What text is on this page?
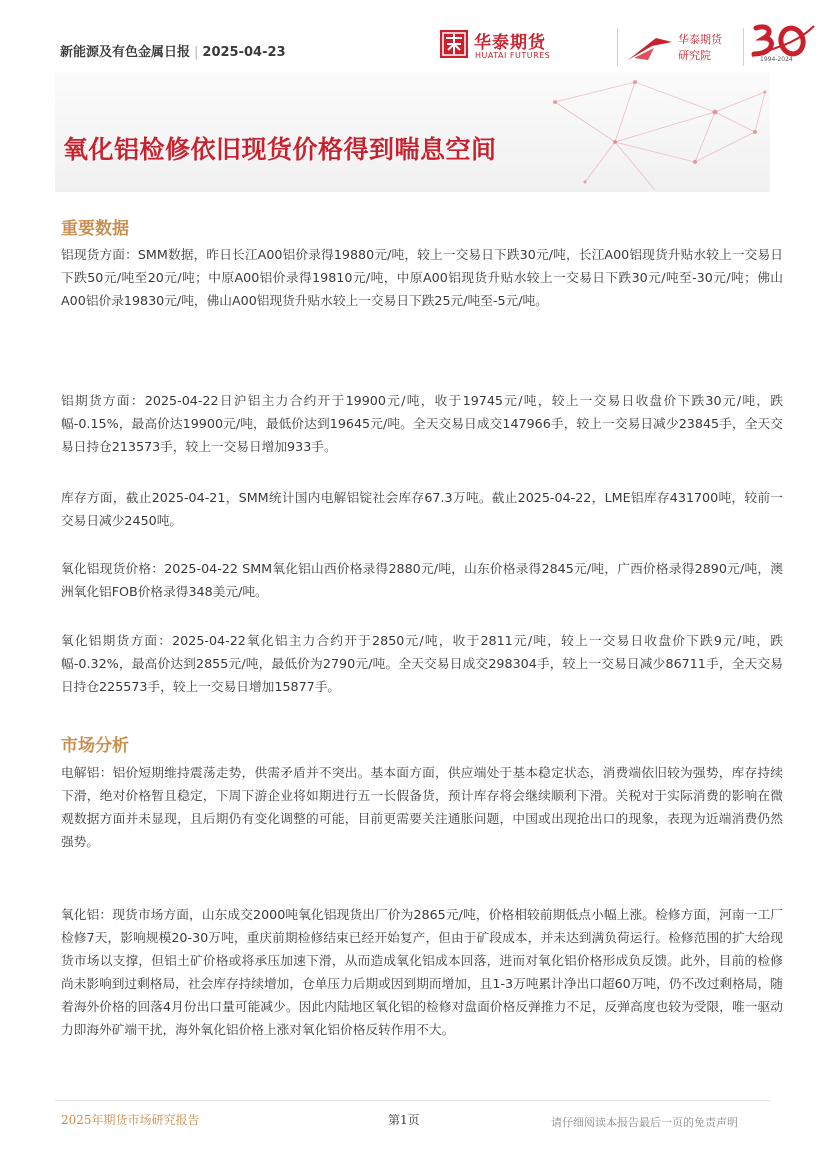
新能源及有色金属日报 | 2025-04-23	华泰期货
HUATAI FUTURES
华泰期货
研究院	1994-2024
氧化铝检修依旧现货价格得到喘息空间
重要数据

铝现货方面：SMM数据，昨日长江A00铝价录得19880元/吨，较上一交易日下跌30元/吨，长江A00铝现货升贴水较上一交易日下跌50元/吨至20元/吨；中原A00铝价录得19810元/吨，中原A00铝现货升贴水较上一交易日下跌30元/吨至-30元/吨；佛山A00铝价录19830元/吨，佛山A00铝现货升贴水较上一交易日下跌25元/吨至-5元/吨。

铝期货方面：2025-04-22日沪铝主力合约开于19900元/吨，收于19745元/吨，较上一交易日收盘价下跌30元/吨，跌幅-0.15%，最高价达19900元/吨，最低价达到19645元/吨。全天交易日成交147966手，较上一交易日减少23845手，全天交易日持仓213573手，较上一交易日增加933手。

库存方面，截止2025-04-21，SMM统计国内电解铝锭社会库存67.3万吨。截止2025-04-22，LME铝库存431700吨，较前一交易日减少2450吨。

氧化铝现货价格：2025-04-22 SMM氧化铝山西价格录得2880元/吨，山东价格录得2845元/吨，广西价格录得2890元/吨，澳洲氧化铝FOB价格录得348美元/吨。

氧化铝期货方面：2025-04-22氧化铝主力合约开于2850元/吨，收于2811元/吨，较上一交易日收盘价下跌9元/吨，跌幅-0.32%，最高价达到2855元/吨，最低价为2790元/吨。全天交易日成交298304手，较上一交易日减少86711手，全天交易日持仓225573手，较上一交易日增加15877手。

市场分析

电解铝：铝价短期维持震荡走势，供需矛盾并不突出。基本面方面，供应端处于基本稳定状态，消费端依旧较为强势，库存持续下滑，绝对价格暂且稳定，下周下游企业将如期进行五一长假备货，预计库存将会继续顺利下滑。关税对于实际消费的影响在微观数据方面并未显现，且后期仍有变化调整的可能，目前更需要关注通胀问题，中国或出现抢出口的现象，表现为近端消费仍然强势。

氧化铝：现货市场方面，山东成交2000吨氧化铝现货出厂价为2865元/吨，价格相较前期低点小幅上涨。检修方面，河南一工厂检修7天，影响规模20-30万吨，重庆前期检修结束已经开始复产，但由于矿段成本，并未达到满负荷运行。检修范围的扩大给现货市场以支撑，但铝土矿价格或将承压加速下滑，从而造成氧化铝成本回落，进而对氧化铝价格形成负反馈。此外，目前的检修尚未影响到过剩格局，社会库存持续增加，仓单压力后期或因到期而增加，且1-3万吨累计净出口超60万吨，仍不改过剩格局，随着海外价格的回落4月份出口量可能减少。因此内陆地区氧化铝的检修对盘面价格反弹推力不足，反弹高度也较为受限，唯一驱动力即海外矿端干扰，海外氧化铝价格上涨对氧化铝价格反转作用不大。

2025年期货市场研究报告	第1页	请仔细阅读本报告最后一页的免责声明
